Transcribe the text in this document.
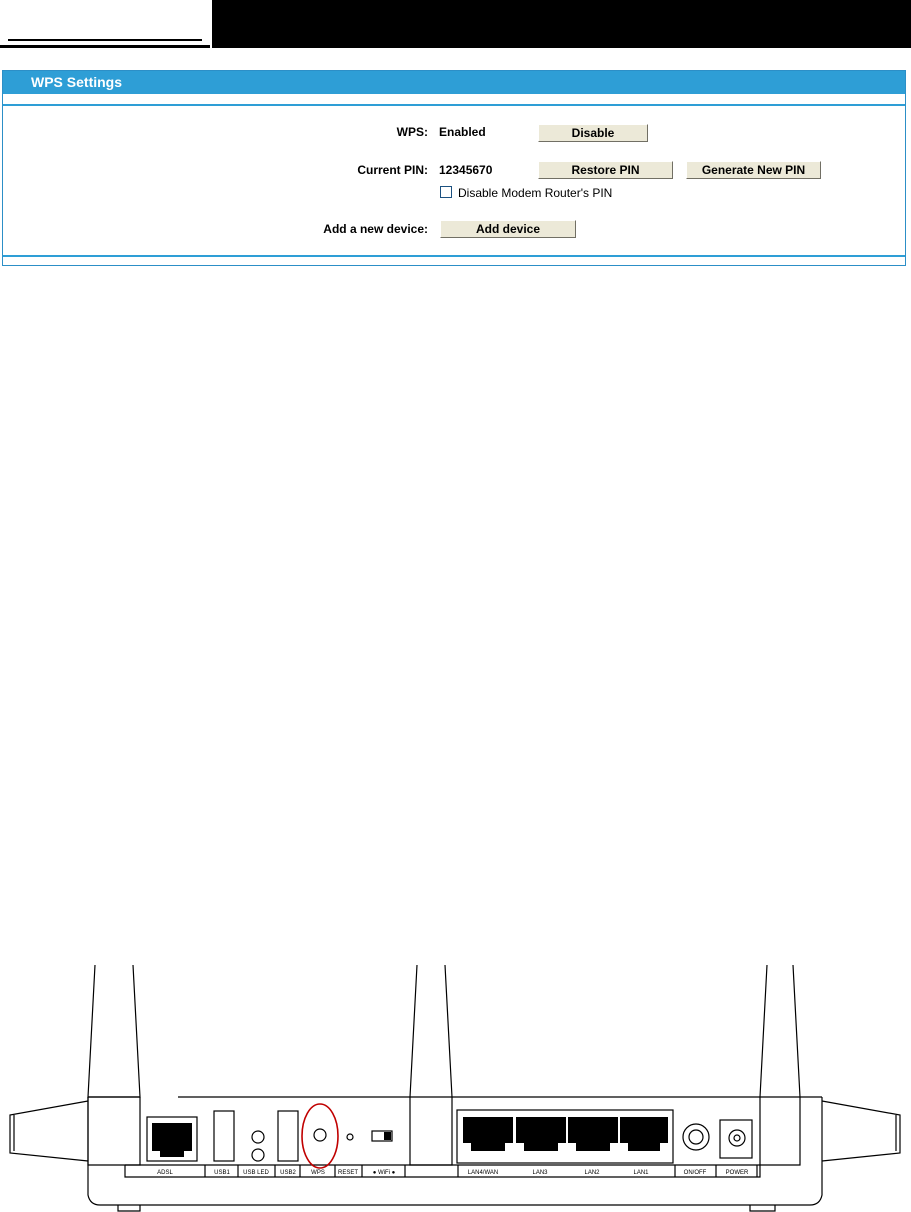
WPS Settings
WPS: Enabled	Disable
Current PIN: 12345670	Restore PIN	Generate New PIN
Disable Modem Router's PIN
Add a new device:	Add device
ADSL	USB1 USB LED USB2	WPS RESET ● WiFi ●	LAN4/WAN	LAN3	LAN2	LAN1	ON/OFF	POWER
